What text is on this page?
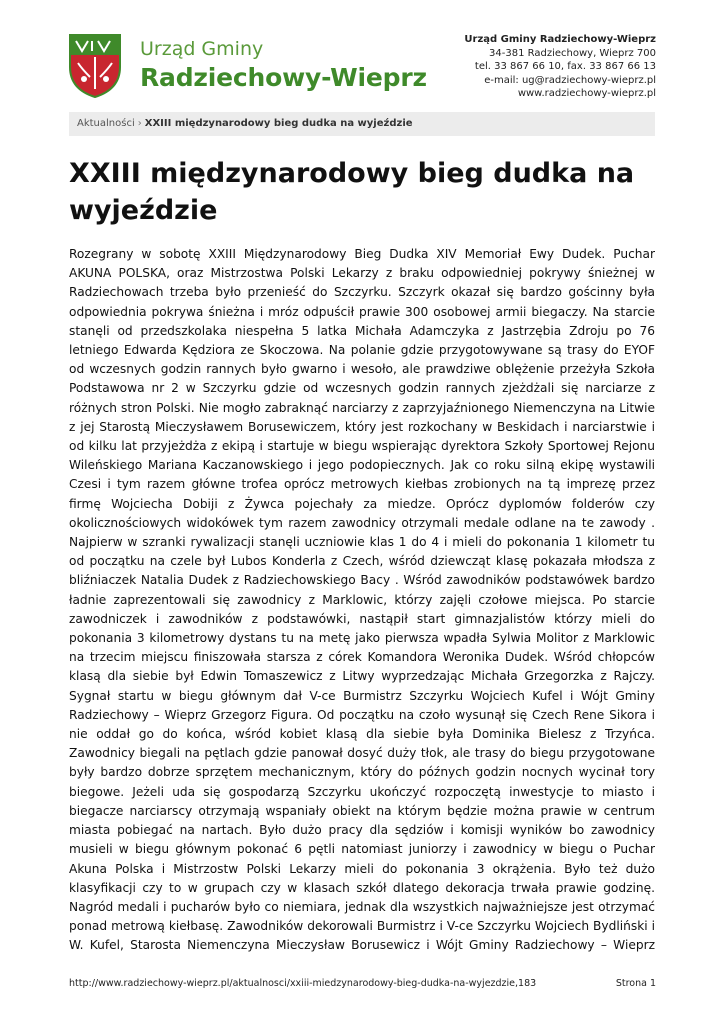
Urząd Gminy
Radziechowy-Wieprz
Urząd Gminy Radziechowy-Wieprz
34-381 Radziechowy, Wieprz 700
tel. 33 867 66 10, fax. 33 867 66 13
e-mail: ug@radziechowy-wieprz.pl
www.radziechowy-wieprz.pl
Aktualności › XXIII międzynarodowy bieg dudka na wyjeździe
XXIII międzynarodowy bieg dudka na wyjeździe

Rozegrany w sobotę XXIII Międzynarodowy Bieg Dudka XIV Memoriał Ewy Dudek. Puchar AKUNA POLSKA, oraz Mistrzostwa Polski Lekarzy z braku odpowiedniej pokrywy śnieżnej w Radziechowach trzeba było przenieść do Szczyrku. Szczyrk okazał się bardzo gościnny była odpowiednia pokrywa śnieżna i mróz odpuścił prawie 300 osobowej armii biegaczy. Na starcie stanęli od przedszkolaka niespełna 5 latka Michała Adamczyka z Jastrzębia Zdroju po 76 letniego Edwarda Kędziora ze Skoczowa. Na polanie gdzie przygotowywane są trasy do EYOF od wczesnych godzin rannych było gwarno i wesoło, ale prawdziwe oblężenie przeżyła Szkoła Podstawowa nr 2 w Szczyrku gdzie od wczesnych godzin rannych zjeżdżali się narciarze z różnych stron Polski. Nie mogło zabraknąć narciarzy z zaprzyjaźnionego Niemenczyna na Litwie z jej Starostą Mieczysławem Borusewiczem, który jest rozkochany w Beskidach i narciarstwie i od kilku lat przyjeżdża z ekipą i startuje w biegu wspierając dyrektora Szkoły Sportowej Rejonu Wileńskiego Mariana Kaczanowskiego i jego podopiecznych. Jak co roku silną ekipę wystawili Czesi i tym razem główne trofea oprócz metrowych kiełbas zrobionych na tą imprezę przez firmę Wojciecha Dobiji z Żywca pojechały za miedze. Oprócz dyplomów folderów czy okolicznościowych widokówek tym razem zawodnicy otrzymali medale odlane na te zawody . Najpierw w szranki rywalizacji stanęli uczniowie klas 1 do 4 i mieli do pokonania 1 kilometr tu od początku na czele był Lubos Konderla z Czech, wśród dziewcząt klasę pokazała młodsza z bliźniaczek Natalia Dudek z Radziechowskiego Bacy . Wśród zawodników podstawówek bardzo ładnie zaprezentowali się zawodnicy z Marklowic, którzy zajęli czołowe miejsca. Po starcie zawodniczek i zawodników z podstawówki, nastąpił start gimnazjalistów którzy mieli do pokonania 3 kilometrowy dystans tu na metę jako pierwsza wpadła Sylwia Molitor z Marklowic na trzecim miejscu finiszowała starsza z córek Komandora Weronika Dudek. Wśród chłopców klasą dla siebie był Edwin Tomaszewicz z Litwy wyprzedzając Michała Grzegorzka z Rajczy. Sygnał startu w biegu głównym dał V-ce Burmistrz Szczyrku Wojciech Kufel i Wójt Gminy Radziechowy – Wieprz Grzegorz Figura. Od początku na czoło wysunął się Czech Rene Sikora i nie oddał go do końca, wśród kobiet klasą dla siebie była Dominika Bielesz z Trzyńca. Zawodnicy biegali na pętlach gdzie panował dosyć duży tłok, ale trasy do biegu przygotowane były bardzo dobrze sprzętem mechanicznym, który do późnych godzin nocnych wycinał tory biegowe. Jeżeli uda się gospodarzą Szczyrku ukończyć rozpoczętą inwestycje to miasto i biegacze narciarscy otrzymają wspaniały obiekt na którym będzie można prawie w centrum miasta pobiegać na nartach. Było dużo pracy dla sędziów i komisji wyników bo zawodnicy musieli w biegu głównym pokonać 6 pętli natomiast juniorzy i zawodnicy w biegu o Puchar Akuna Polska i Mistrzostw Polski Lekarzy mieli do pokonania 3 okrążenia. Było też dużo klasyfikacji czy to w grupach czy w klasach szkół dlatego dekoracja trwała prawie godzinę. Nagród medali i pucharów było co niemiara, jednak dla wszystkich najważniejsze jest otrzymać ponad metrową kiełbasę. Zawodników dekorowali Burmistrz i V-ce Szczyrku Wojciech Bydliński i W. Kufel, Starosta Niemenczyna Mieczysław Borusewicz i Wójt Gminy Radziechowy – Wieprz

http://www.radziechowy-wieprz.pl/aktualnosci/xxiii-miedzynarodowy-bieg-dudka-na-wyjezdzie,183	Strona 1
